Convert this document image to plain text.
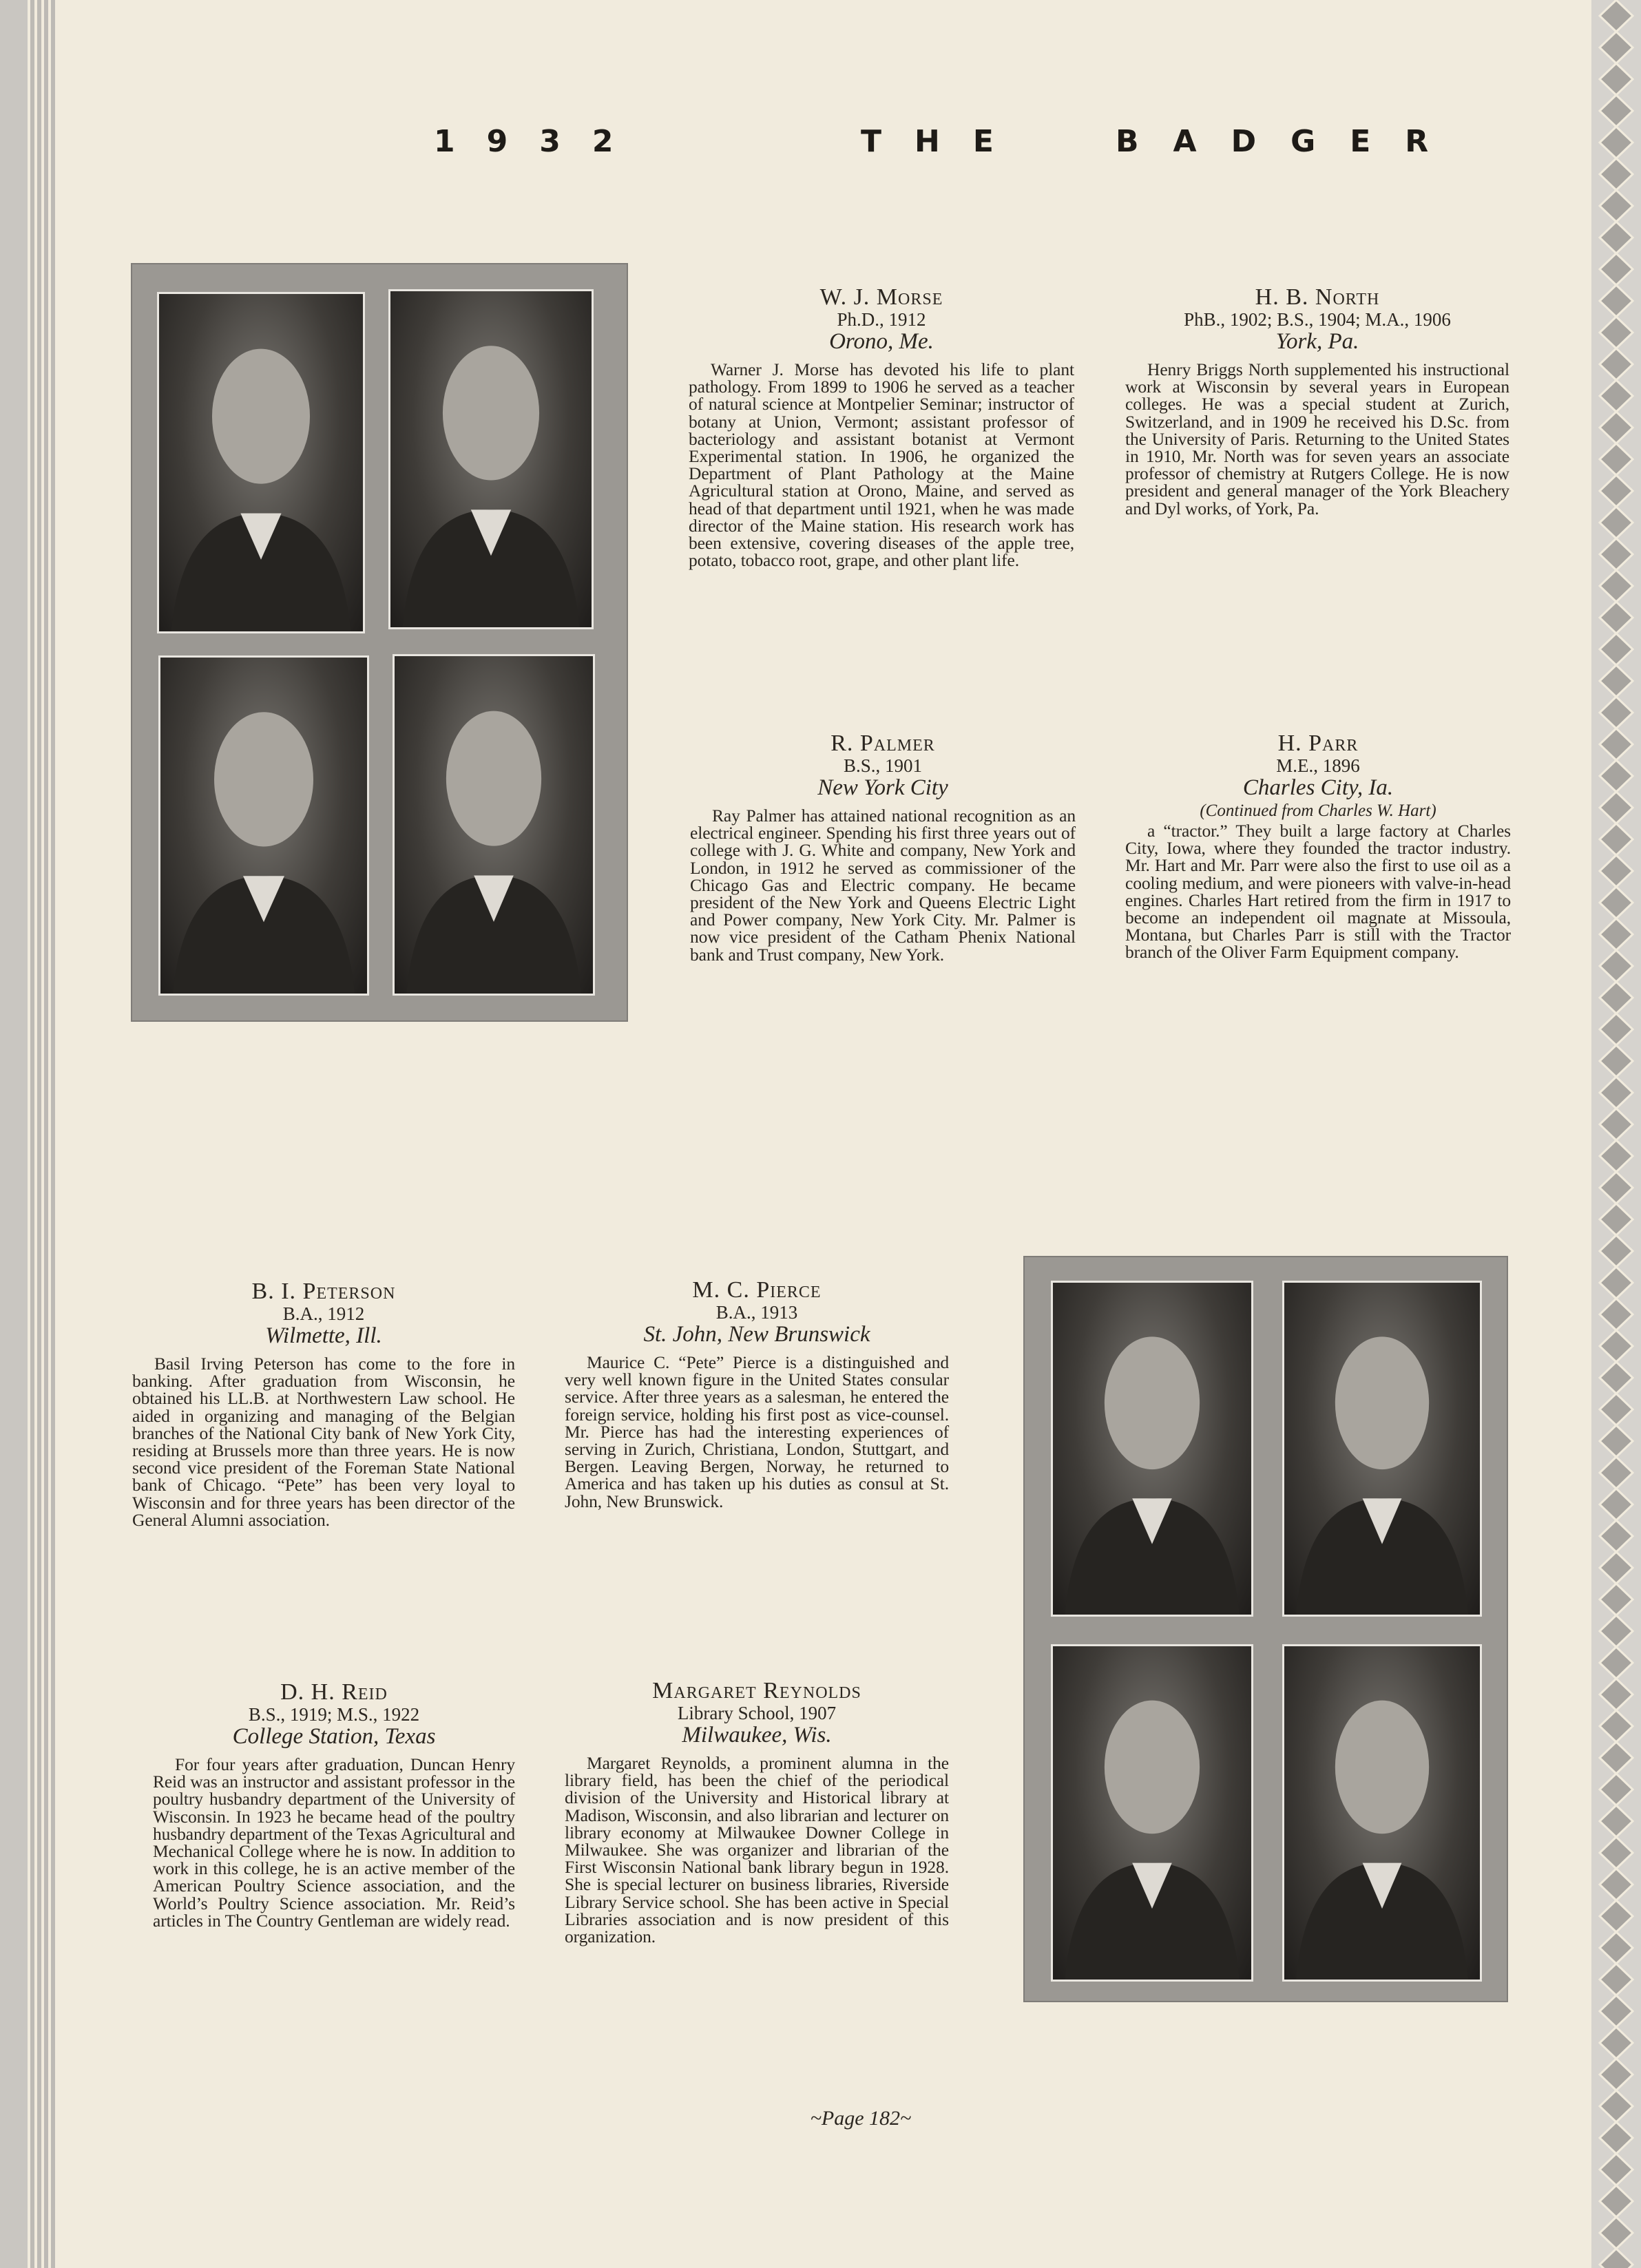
1932	THE	BADGER
W. J. Morse
Ph.D., 1912
Orono, Me.
Warner J. Morse has devoted his life to plant pathology. From 1899 to 1906 he served as a teacher of natural science at Montpelier Seminar; instructor of botany at Union, Vermont; assistant professor of bacteriology and assistant botanist at Vermont Experimental station. In 1906, he organized the Department of Plant Pathology at the Maine Agricultural station at Orono, Maine, and served as head of that department until 1921, when he was made director of the Maine station. His research work has been extensive, covering diseases of the apple tree, potato, tobacco root, grape, and other plant life.
H. B. North
PhB., 1902; B.S., 1904; M.A., 1906
York, Pa.
Henry Briggs North supplemented his instructional work at Wisconsin by several years in European colleges. He was a special student at Zurich, Switzerland, and in 1909 he received his D.Sc. from the University of Paris. Returning to the United States in 1910, Mr. North was for seven years an associate professor of chemistry at Rutgers College. He is now president and general manager of the York Bleachery and Dyl works, of York, Pa.
R. Palmer
B.S., 1901
New York City
Ray Palmer has attained national recognition as an electrical engineer. Spending his first three years out of college with J. G. White and company, New York and London, in 1912 he served as commissioner of the Chicago Gas and Electric company. He became president of the New York and Queens Electric Light and Power company, New York City. Mr. Palmer is now vice president of the Catham Phenix National bank and Trust company, New York.
H. Parr
M.E., 1896
Charles City, Ia.
(Continued from Charles W. Hart)
a “tractor.” They built a large factory at Charles City, Iowa, where they founded the tractor industry. Mr. Hart and Mr. Parr were also the first to use oil as a cooling medium, and were pioneers with valve-in-head engines. Charles Hart retired from the firm in 1917 to become an independent oil magnate at Missoula, Montana, but Charles Parr is still with the Tractor branch of the Oliver Farm Equipment company.
B. I. Peterson
B.A., 1912
Wilmette, Ill.
Basil Irving Peterson has come to the fore in banking. After graduation from Wisconsin, he obtained his LL.B. at Northwestern Law school. He aided in organizing and managing of the Belgian branches of the National City bank of New York City, residing at Brussels more than three years. He is now second vice president of the Foreman State National bank of Chicago. “Pete” has been very loyal to Wisconsin and for three years has been director of the General Alumni association.
M. C. Pierce
B.A., 1913
St. John, New Brunswick
Maurice C. “Pete” Pierce is a distinguished and very well known figure in the United States consular service. After three years as a salesman, he entered the foreign service, holding his first post as vice-counsel. Mr. Pierce has had the interesting experiences of serving in Zurich, Christiana, London, Stuttgart, and Bergen. Leaving Bergen, Norway, he returned to America and has taken up his duties as consul at St. John, New Brunswick.
D. H. Reid
B.S., 1919; M.S., 1922
College Station, Texas
For four years after graduation, Duncan Henry Reid was an instructor and assistant professor in the poultry husbandry department of the University of Wisconsin. In 1923 he became head of the poultry husbandry department of the Texas Agricultural and Mechanical College where he is now. In addition to work in this college, he is an active member of the American Poultry Science association, and the World’s Poultry Science association. Mr. Reid’s articles in The Country Gentleman are widely read.
Margaret Reynolds
Library School, 1907
Milwaukee, Wis.
Margaret Reynolds, a prominent alumna in the library field, has been the chief of the periodical division of the University and Historical library at Madison, Wisconsin, and also librarian and lecturer on library economy at Milwaukee Downer College in Milwaukee. She was organizer and librarian of the First Wisconsin National bank library begun in 1928. She is special lecturer on business libraries, Riverside Library Service school. She has been active in Special Libraries association and is now president of this organization.
~Page 182~
